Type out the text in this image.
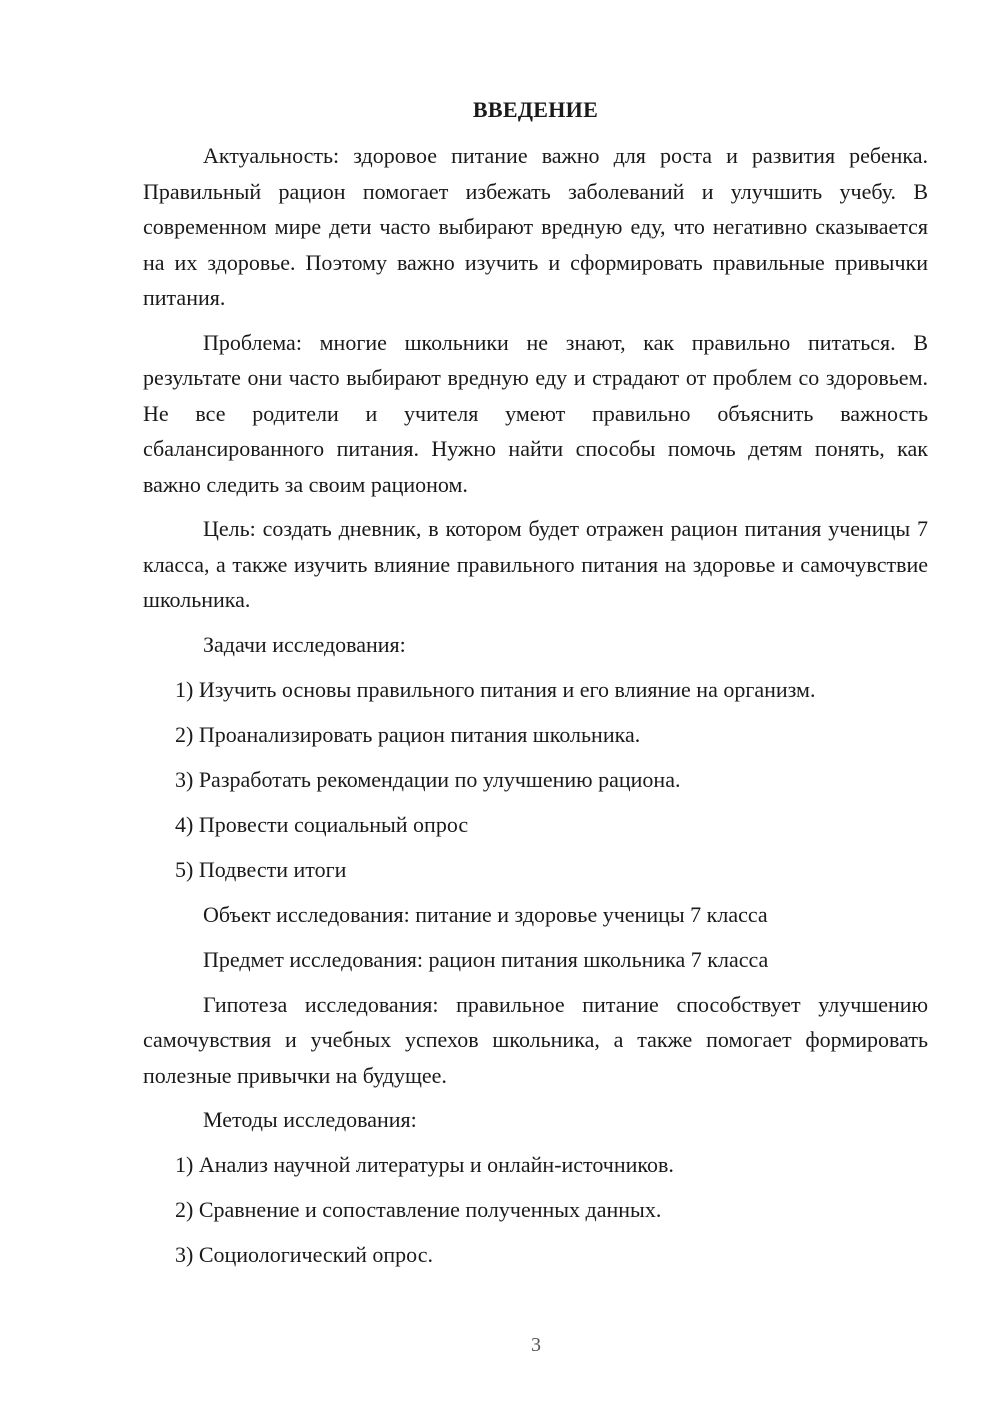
ВВЕДЕНИЕ

Актуальность: здоровое питание важно для роста и развития ребенка. Правильный рацион помогает избежать заболеваний и улучшить учебу. В современном мире дети часто выбирают вредную еду, что негативно сказывается на их здоровье. Поэтому важно изучить и сформировать правильные привычки питания.

Проблема: многие школьники не знают, как правильно питаться. В результате они часто выбирают вредную еду и страдают от проблем со здоровьем. Не все родители и учителя умеют правильно объяснить важность сбалансированного питания. Нужно найти способы помочь детям понять, как важно следить за своим рационом.

Цель: создать дневник, в котором будет отражен рацион питания ученицы 7 класса, а также изучить влияние правильного питания на здоровье и самочувствие школьника.

Задачи исследования:

1) Изучить основы правильного питания и его влияние на организм.

2) Проанализировать рацион питания школьника.

3) Разработать рекомендации по улучшению рациона.

4) Провести социальный опрос

5) Подвести итоги

Объект исследования: питание и здоровье ученицы 7 класса

Предмет исследования: рацион питания школьника 7 класса

Гипотеза исследования: правильное питание способствует улучшению самочувствия и учебных успехов школьника, а также помогает формировать полезные привычки на будущее.

Методы исследования:

1) Анализ научной литературы и онлайн-источников.

2) Сравнение и сопоставление полученных данных.

3) Социологический опрос.

3
